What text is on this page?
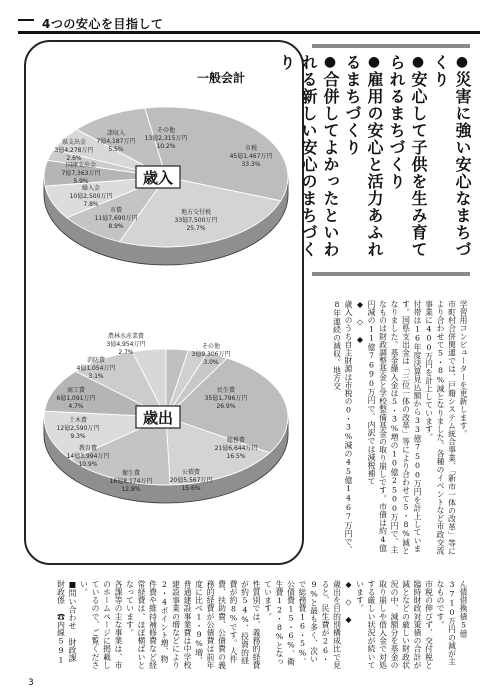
4つの安心を目指して
一般会計
市税
45億1,467万円
33.3%
地方交付税
33億7,500万円
25.7%
市債
11億7,690万円
8.9%
繰入金
10億2,500万円
7.8%
国庫支出金
7億7,363万円
5.9%
県支出金
3億4,278万円
2.6%
諸収入
7億4,187万円
5.5%
その他
13億2,315万円
10.2%
歳入
民生費
35億1,796万円
26.9%
総務費
21億6,644万円
16.5%
公債費
20億5,567万円
15.6%
衛生費
16億8,174万円
12.8%
教育費
14億3,994万円
10.9%
土木費
12億2,590万円
9.3%
商工費
6億1,091万円
4.7%
消防費
4億1,054万円
3.1%
農林水産業費
3億4,954万円
2.7%
その他
3億9,306万円
3.0%
歳出
● 災害に強い安心なまちづくり
● 安心して子供を生み育てられるまちづくり
● 雇用の安心と活力あふれるまちづくり
● 合併してよかったといわれる新しい安心のまちづくり

学習用コンピューターを更新します。

市町村合併関連では、戸籍システム統合事業、「新市一体の改革」等により合わせて5・8%減となりました。各種のイベントなど市政交流事業に400万円を計上しています。

付帯は16年度決算見込額から33億7500万円を計上しています。国県支出金は「三位一体の改革」等により合わせて5・8%減となりました。基金繰入金は5・3%増の10億2500万円で、主なものは財政調整基金と学校整備基金の取り崩しです。市債は約4億円減の11億7690万円で、内訳では減税補て

◆　◇　◆

歳入のうち自主財源は市税の0・3%減の45億1467万円で、8年連続の減収。地方交

ん債借換債5億3710万円の減が主なものです。

市税の伸びず、交付税と臨時財政対策債の合計が減となどの厳しい財政状況の中、減額分を基金の取り崩しや借入金で対処する厳しい状況が続いています。

◆　◇　◆

歳出を目的別構成比で見ると、民生費が26・9%と最も多く、次いで総務費16・5%、公債費15・6%、衛生費12・8%となっています。

性質別では、義務的経費が約54%、投資的経費が約8%です。人件費、扶助費、公債費の義務的経費が公債費は前年度に比べ1・9%増、普通建設事業費は中学校建設事業の増などにより2・4ポイント増、物件費や維持補修費など経常経費は、ほぼ横ばいとなっています。

各課等の主な事業は、市のホームページに掲載しているので、ご覧ください。

■問い合わせ　財政課財政係　☎内線591

3
